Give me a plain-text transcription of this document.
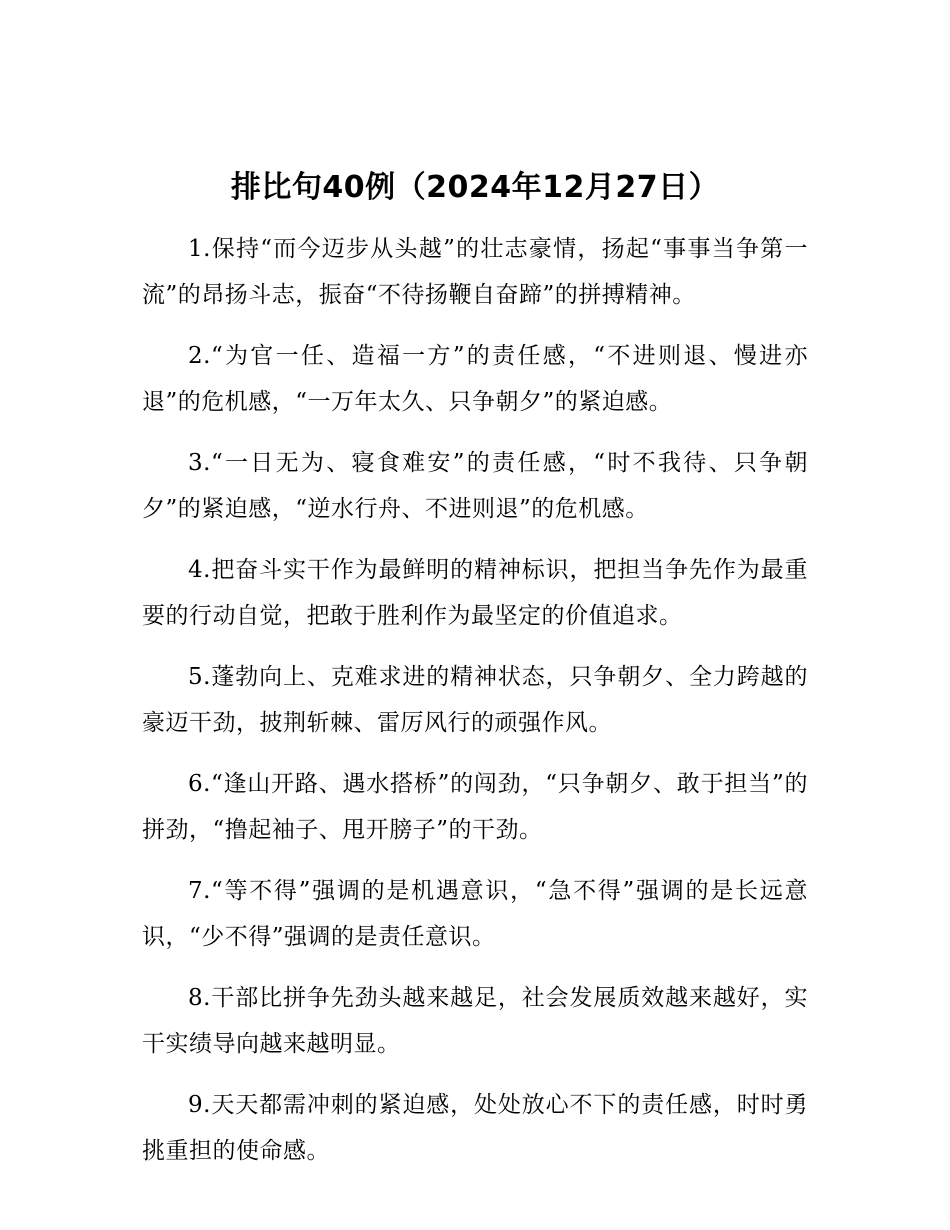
排比句40例（2024年12月27日）

1.保持“而今迈步从头越”的壮志豪情，扬起“事事当争第一流”的昂扬斗志，振奋“不待扬鞭自奋蹄”的拼搏精神。

2.“为官一任、造福一方”的责任感，“不进则退、慢进亦退”的危机感，“一万年太久、只争朝夕”的紧迫感。

3.“一日无为、寝食难安”的责任感，“时不我待、只争朝夕”的紧迫感，“逆水行舟、不进则退”的危机感。

4.把奋斗实干作为最鲜明的精神标识，把担当争先作为最重要的行动自觉，把敢于胜利作为最坚定的价值追求。

5.蓬勃向上、克难求进的精神状态，只争朝夕、全力跨越的豪迈干劲，披荆斩棘、雷厉风行的顽强作风。

6.“逢山开路、遇水搭桥”的闯劲，“只争朝夕、敢于担当”的拼劲，“撸起袖子、甩开膀子”的干劲。

7.“等不得”强调的是机遇意识，“急不得”强调的是长远意识，“少不得”强调的是责任意识。

8.干部比拼争先劲头越来越足，社会发展质效越来越好，实干实绩导向越来越明显。

9.天天都需冲刺的紧迫感，处处放心不下的责任感，时时勇挑重担的使命感。
